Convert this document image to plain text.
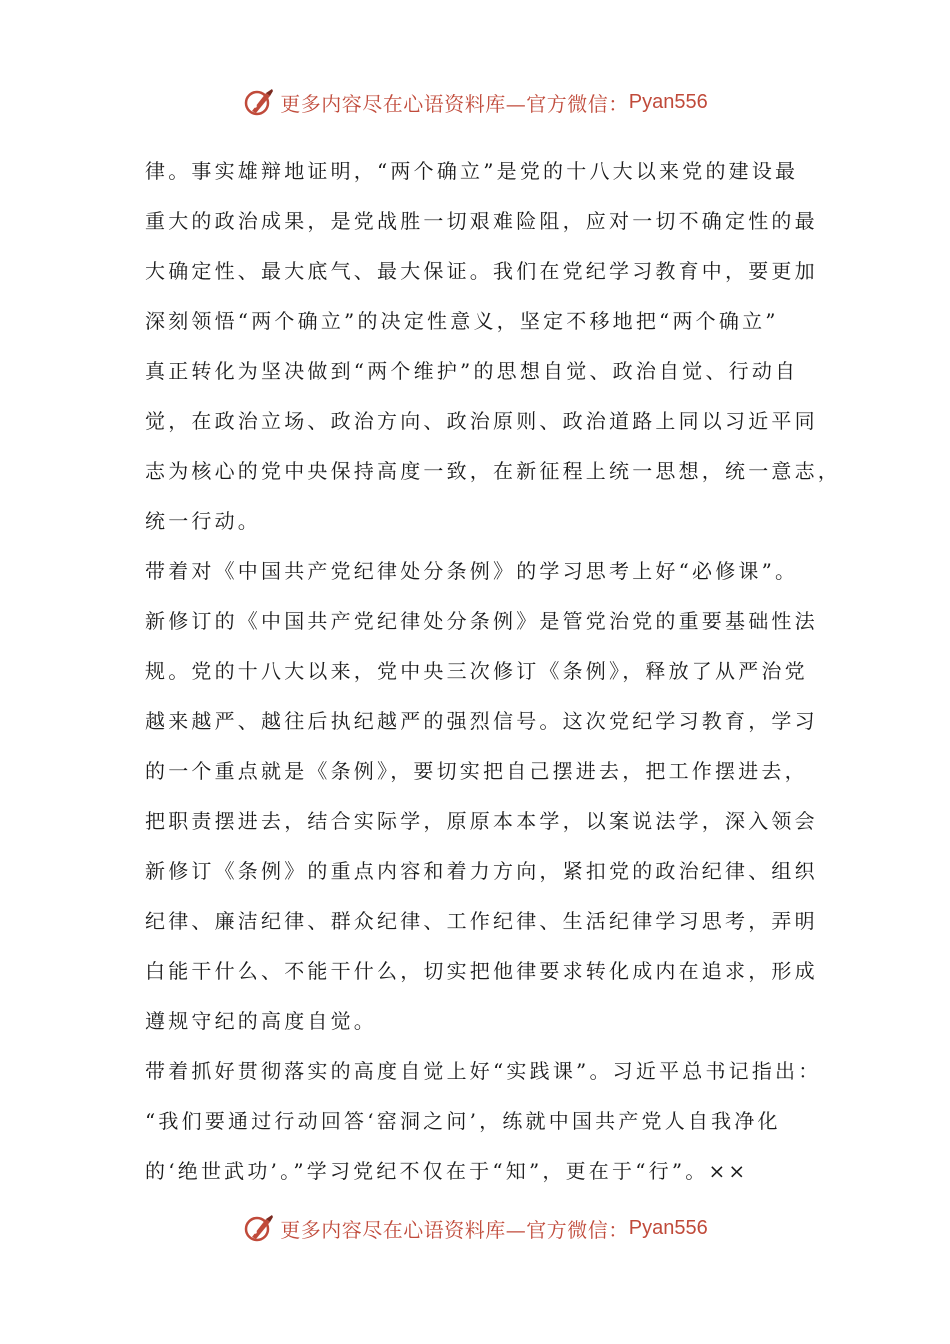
更多内容尽在心语资料库—官方微信： Pyan556
律。事实雄辩地证明，“两个确立”是党的十八大以来党的建设最
重大的政治成果，是党战胜一切艰难险阻，应对一切不确定性的最
大确定性、最大底气、最大保证。我们在党纪学习教育中，要更加
深刻领悟“两个确立”的决定性意义，坚定不移地把“两个确立”
真正转化为坚决做到“两个维护”的思想自觉、政治自觉、行动自
觉，在政治立场、政治方向、政治原则、政治道路上同以习近平同
志为核心的党中央保持高度一致，在新征程上统一思想，统一意志，
统一行动。
带着对《中国共产党纪律处分条例》的学习思考上好“必修课”。
新修订的《中国共产党纪律处分条例》是管党治党的重要基础性法
规。党的十八大以来，党中央三次修订《条例》，释放了从严治党
越来越严、越往后执纪越严的强烈信号。这次党纪学习教育，学习
的一个重点就是《条例》，要切实把自己摆进去，把工作摆进去，
把职责摆进去，结合实际学，原原本本学，以案说法学，深入领会
新修订《条例》的重点内容和着力方向，紧扣党的政治纪律、组织
纪律、廉洁纪律、群众纪律、工作纪律、生活纪律学习思考，弄明
白能干什么、不能干什么，切实把他律要求转化成内在追求，形成
遵规守纪的高度自觉。
带着抓好贯彻落实的高度自觉上好“实践课”。习近平总书记指出：
“我们要通过行动回答‘窑洞之问’，练就中国共产党人自我净化
的‘绝世武功’。”学习党纪不仅在于“知”，更在于“行”。××
更多内容尽在心语资料库—官方微信： Pyan556
